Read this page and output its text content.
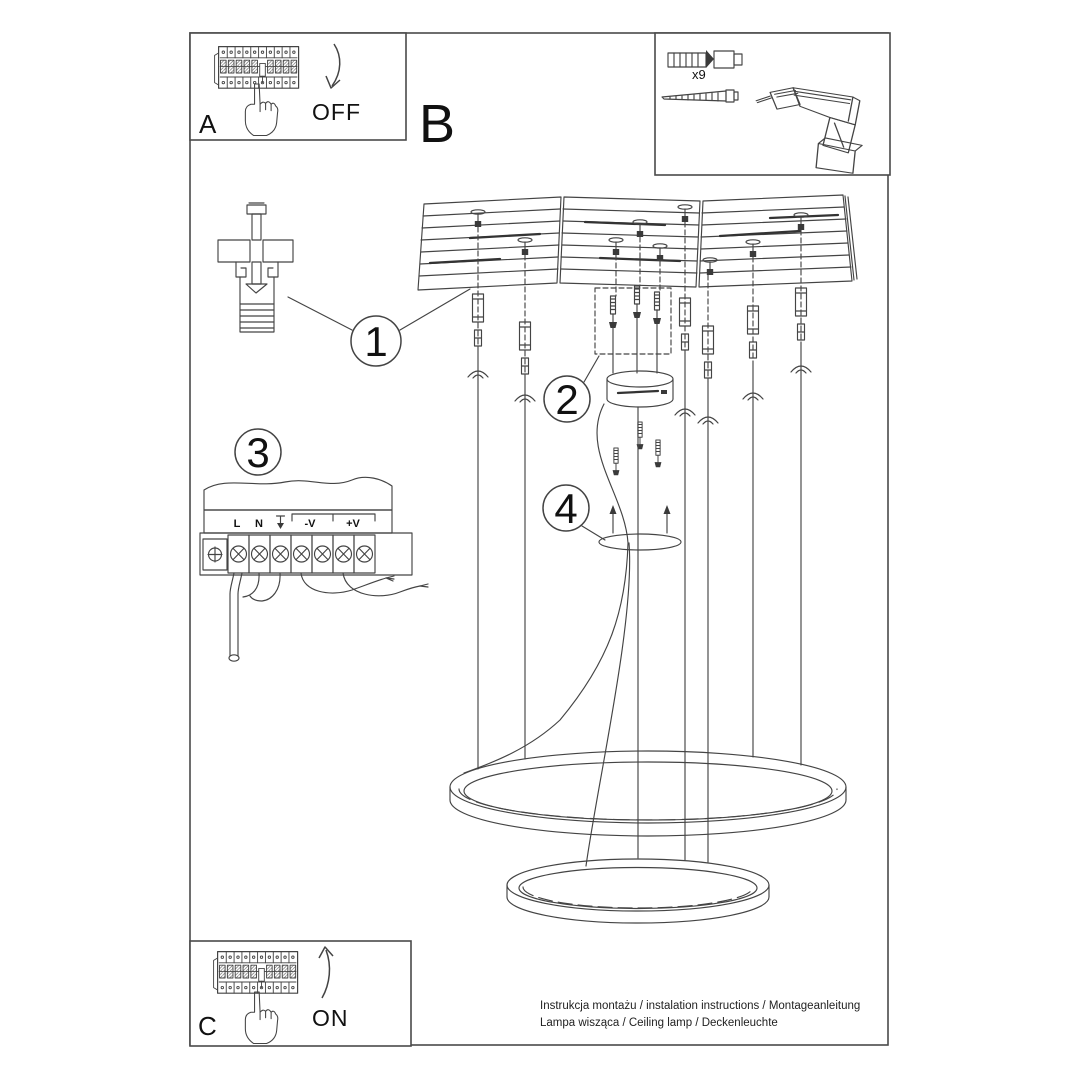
A	OFF B
x9
1
2
4
3
L N	-V	+V
C	ON	Instrukcja montażu / instalation instructions / Montageanleitung
Lampa wisząca / Ceiling lamp / Deckenleuchte
